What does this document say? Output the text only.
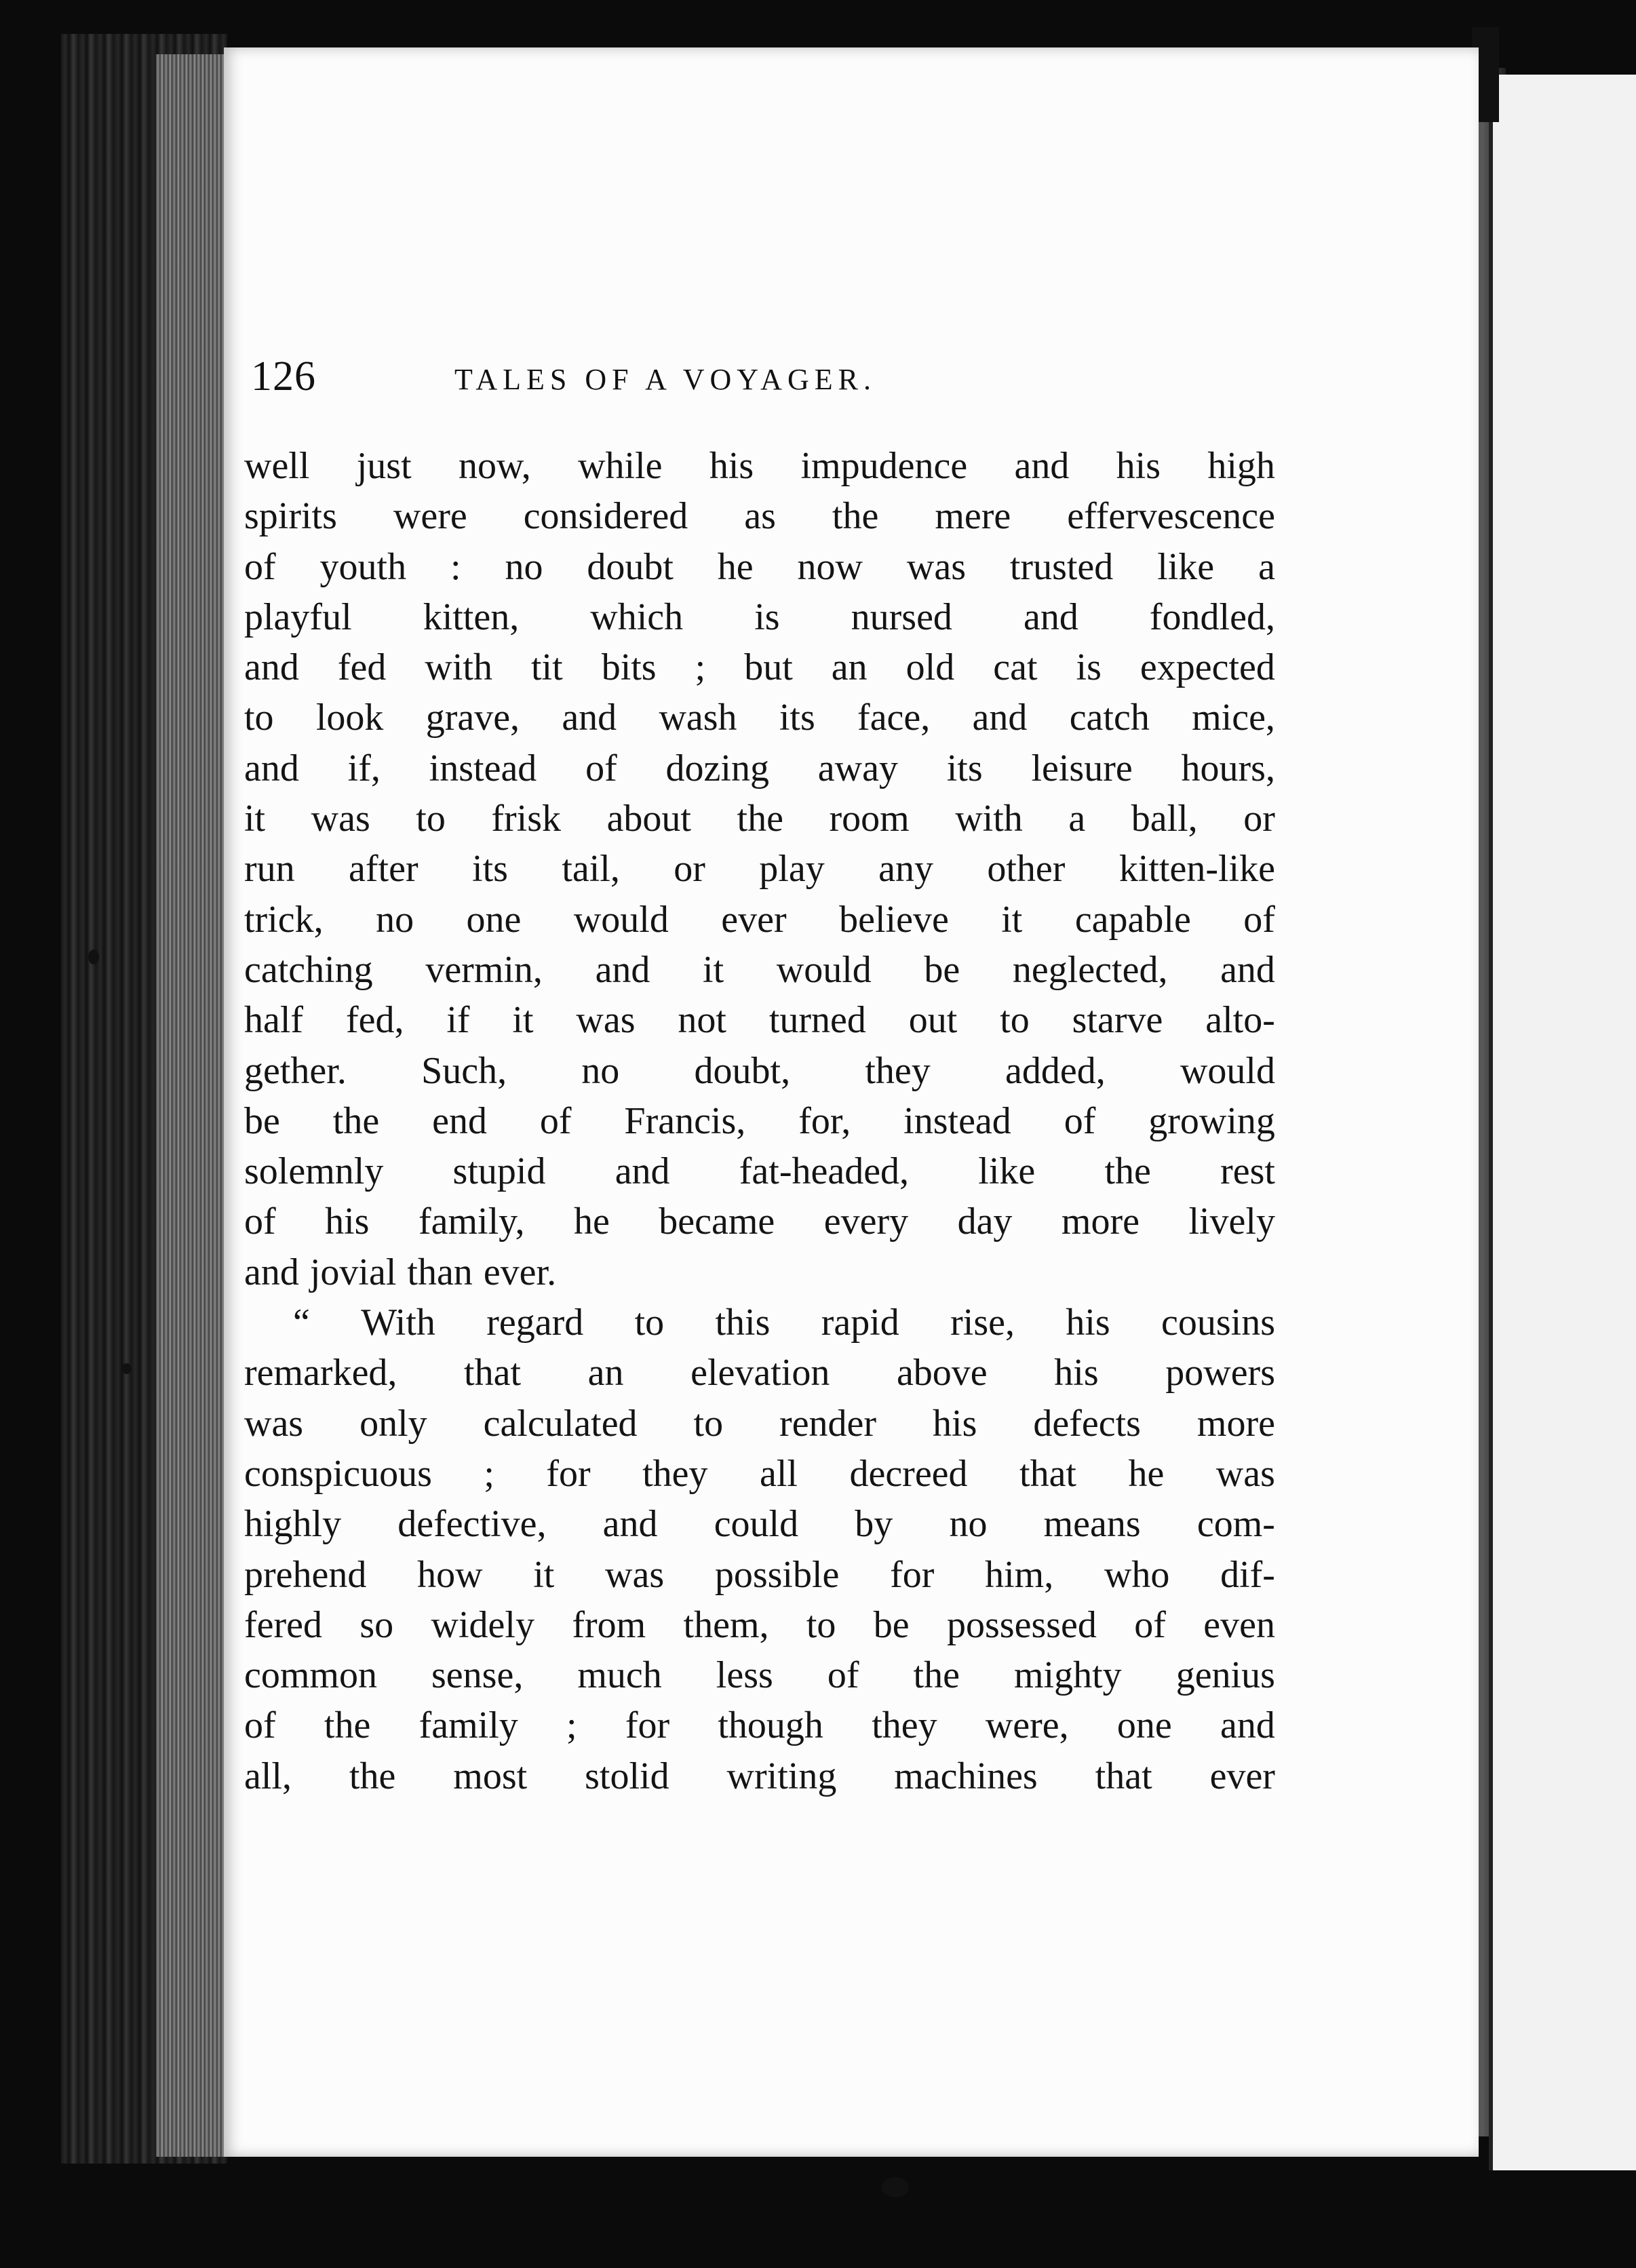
126	TALES OF A VOYAGER.
well just now, while his impudence and his high
spirits were considered as the mere effervescence
of youth : no doubt he now was trusted like a
playful kitten, which is nursed and fondled,
and fed with tit bits ; but an old cat is expected
to look grave, and wash its face, and catch mice,
and if, instead of dozing away its leisure hours,
it was to frisk about the room with a ball, or
run after its tail, or play any other kitten-like
trick, no one would ever believe it capable of
catching vermin, and it would be neglected, and
half fed, if it was not turned out to starve alto-
gether. Such, no doubt, they added, would
be the end of Francis, for, instead of growing
solemnly stupid and fat-headed, like the rest
of his family, he became every day more lively
and jovial than ever.
“ With regard to this rapid rise, his cousins
remarked, that an elevation above his powers
was only calculated to render his defects more
conspicuous ; for they all decreed that he was
highly defective, and could by no means com-
prehend how it was possible for him, who dif-
fered so widely from them, to be possessed of even
common sense, much less of the mighty genius
of the family ; for though they were, one and
all, the most stolid writing machines that ever
